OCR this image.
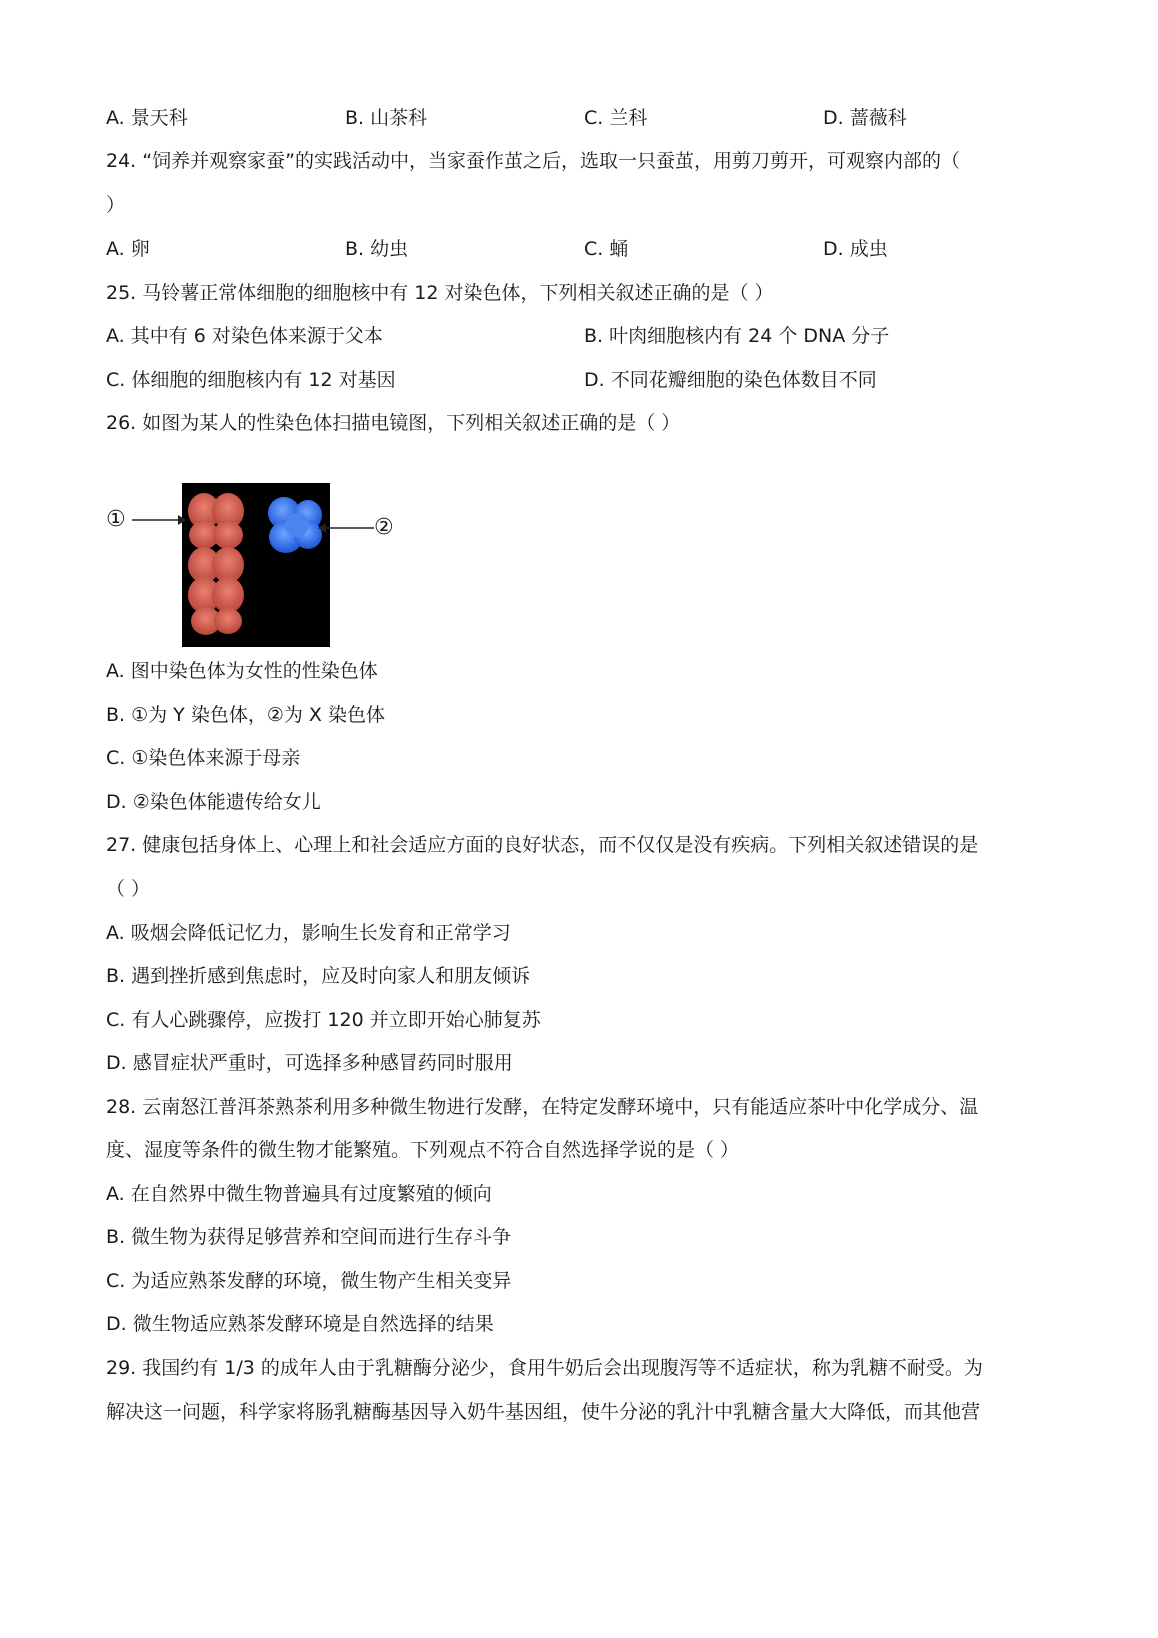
A. 景天科	B. 山茶科	C. 兰科	D. 蔷薇科
24. “饲养并观察家蚕”的实践活动中，当家蚕作茧之后，选取一只蚕茧，用剪刀剪开，可观察内部的（
）
A. 卵	B. 幼虫	C. 蛹	D. 成虫
25. 马铃薯正常体细胞的细胞核中有 12 对染色体，下列相关叙述正确的是（ ）
A. 其中有 6 对染色体来源于父本	B. 叶肉细胞核内有 24 个 DNA 分子
C. 体细胞的细胞核内有 12 对基因	D. 不同花瓣细胞的染色体数目不同
26. 如图为某人的性染色体扫描电镜图，下列相关叙述正确的是（ ）
①	②
A. 图中染色体为女性的性染色体
B. ①为 Y 染色体，②为 X 染色体
C. ①染色体来源于母亲
D. ②染色体能遗传给女儿
27. 健康包括身体上、心理上和社会适应方面的良好状态，而不仅仅是没有疾病。下列相关叙述错误的是
（ ）
A. 吸烟会降低记忆力，影响生长发育和正常学习
B. 遇到挫折感到焦虑时，应及时向家人和朋友倾诉
C. 有人心跳骤停，应拨打 120 并立即开始心肺复苏
D. 感冒症状严重时，可选择多种感冒药同时服用
28. 云南怒江普洱茶熟茶利用多种微生物进行发酵，在特定发酵环境中，只有能适应茶叶中化学成分、温
度、湿度等条件的微生物才能繁殖。下列观点不符合自然选择学说的是（ ）
A. 在自然界中微生物普遍具有过度繁殖的倾向
B. 微生物为获得足够营养和空间而进行生存斗争
C. 为适应熟茶发酵的环境，微生物产生相关变异
D. 微生物适应熟茶发酵环境是自然选择的结果
29. 我国约有 1/3 的成年人由于乳糖酶分泌少，食用牛奶后会出现腹泻等不适症状，称为乳糖不耐受。为
解决这一问题，科学家将肠乳糖酶基因导入奶牛基因组，使牛分泌的乳汁中乳糖含量大大降低，而其他营
